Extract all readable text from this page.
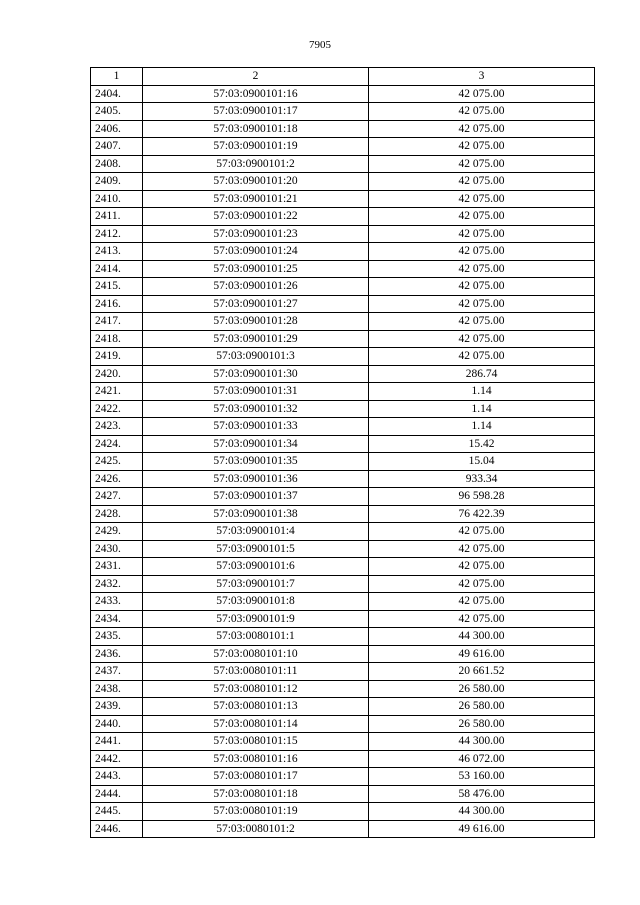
7905
1	2	3
2404.	57:03:0900101:16	42 075.00
2405.	57:03:0900101:17	42 075.00
2406.	57:03:0900101:18	42 075.00
2407.	57:03:0900101:19	42 075.00
2408.	57:03:0900101:2	42 075.00
2409.	57:03:0900101:20	42 075.00
2410.	57:03:0900101:21	42 075.00
2411.	57:03:0900101:22	42 075.00
2412.	57:03:0900101:23	42 075.00
2413.	57:03:0900101:24	42 075.00
2414.	57:03:0900101:25	42 075.00
2415.	57:03:0900101:26	42 075.00
2416.	57:03:0900101:27	42 075.00
2417.	57:03:0900101:28	42 075.00
2418.	57:03:0900101:29	42 075.00
2419.	57:03:0900101:3	42 075.00
2420.	57:03:0900101:30	286.74
2421.	57:03:0900101:31	1.14
2422.	57:03:0900101:32	1.14
2423.	57:03:0900101:33	1.14
2424.	57:03:0900101:34	15.42
2425.	57:03:0900101:35	15.04
2426.	57:03:0900101:36	933.34
2427.	57:03:0900101:37	96 598.28
2428.	57:03:0900101:38	76 422.39
2429.	57:03:0900101:4	42 075.00
2430.	57:03:0900101:5	42 075.00
2431.	57:03:0900101:6	42 075.00
2432.	57:03:0900101:7	42 075.00
2433.	57:03:0900101:8	42 075.00
2434.	57:03:0900101:9	42 075.00
2435.	57:03:0080101:1	44 300.00
2436.	57:03:0080101:10	49 616.00
2437.	57:03:0080101:11	20 661.52
2438.	57:03:0080101:12	26 580.00
2439.	57:03:0080101:13	26 580.00
2440.	57:03:0080101:14	26 580.00
2441.	57:03:0080101:15	44 300.00
2442.	57:03:0080101:16	46 072.00
2443.	57:03:0080101:17	53 160.00
2444.	57:03:0080101:18	58 476.00
2445.	57:03:0080101:19	44 300.00
2446.	57:03:0080101:2	49 616.00
